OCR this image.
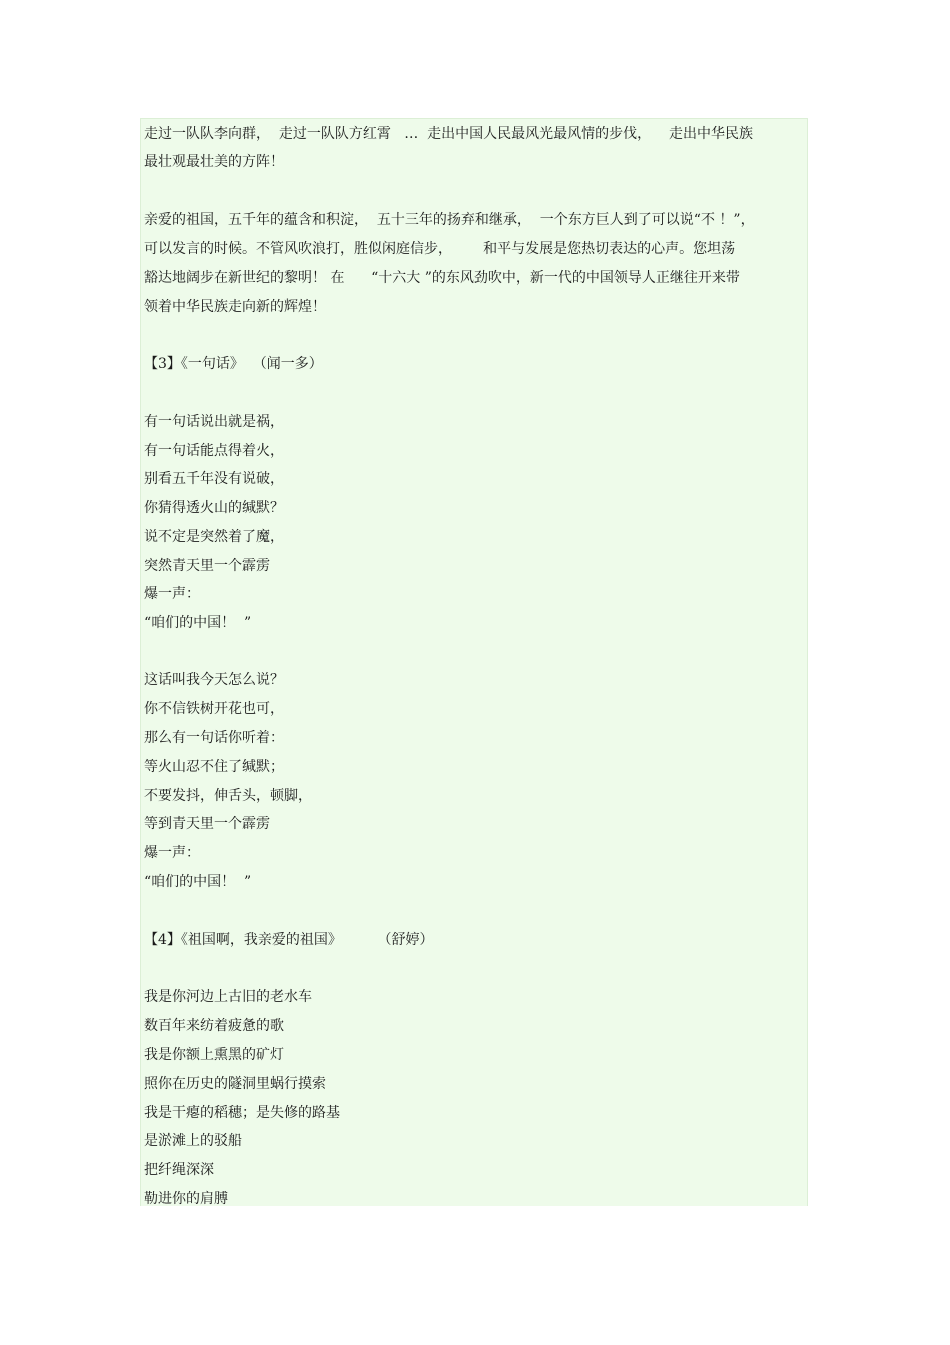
走过一队队李向群，  走过一队队方红霄   …  走出中国人民最风光最风情的步伐，    走出中华民族
最壮观最壮美的方阵！
亲爱的祖国，五千年的蕴含和积淀，  五十三年的扬弃和继承，  一个东方巨人到了可以说“不 ！”，
可以发言的时候。不管风吹浪打，胜似闲庭信步，       和平与发展是您热切表达的心声。您坦荡
豁达地阔步在新世纪的黎明！ 在      “十六大 ”的东风劲吹中，新一代的中国领导人正继往开来带
领着中华民族走向新的辉煌！
【3】《一句话》  （闻一多）
有一句话说出就是祸，
有一句话能点得着火，
别看五千年没有说破，
你猜得透火山的缄默？
说不定是突然着了魔，
突然青天里一个霹雳
爆一声：
“咱们的中国！  ”
这话叫我今天怎么说？
你不信铁树开花也可，
那么有一句话你听着：
等火山忍不住了缄默；
不要发抖，伸舌头，顿脚，
等到青天里一个霹雳
爆一声：
“咱们的中国！  ”
【4】《祖国啊，我亲爱的祖国》        （舒婷）
我是你河边上古旧的老水车
数百年来纺着疲惫的歌
我是你额上熏黑的矿灯
照你在历史的隧洞里蜗行摸索
我是干瘪的稻穗；是失修的路基
是淤滩上的驳船
把纤绳深深
勒进你的肩膊
